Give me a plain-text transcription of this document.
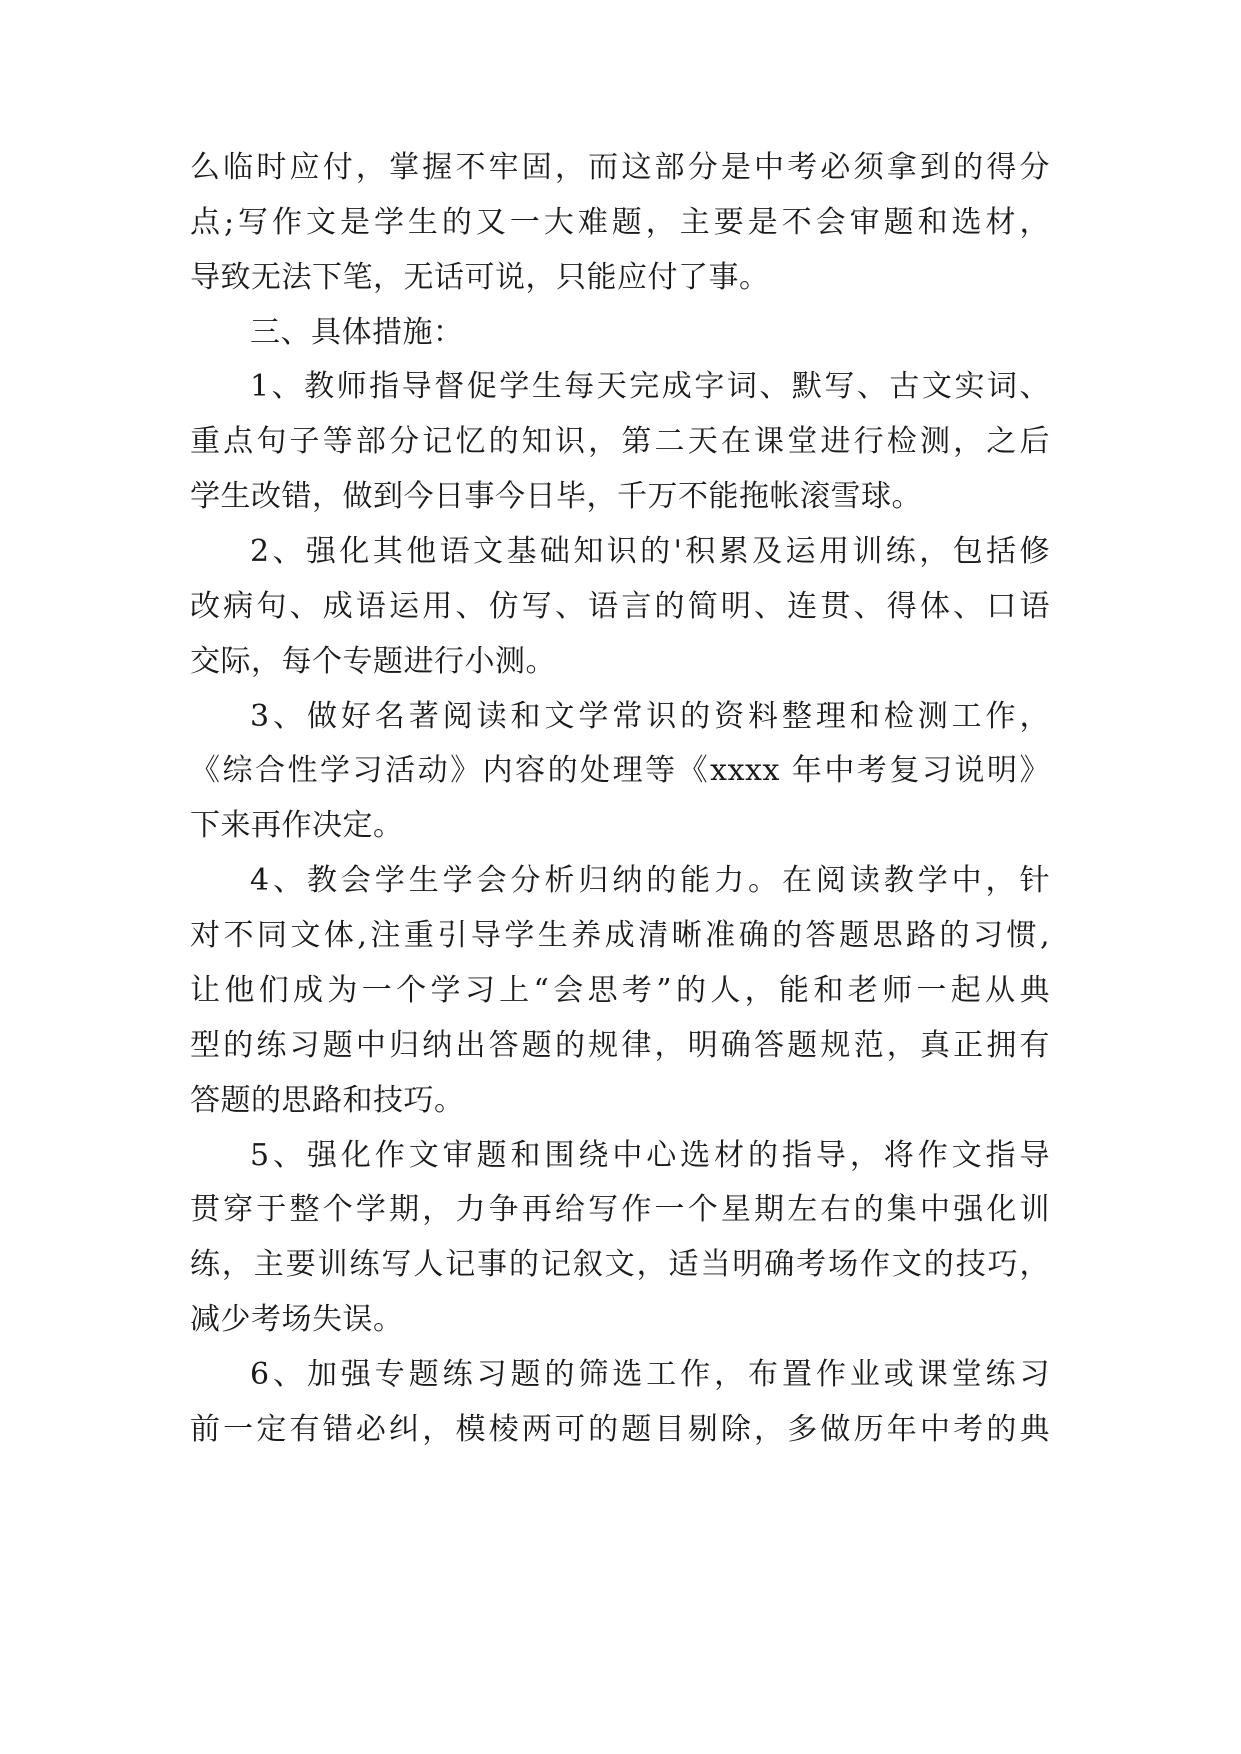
么临时应付，掌握不牢固，而这部分是中考必须拿到的得分

点;写作文是学生的又一大难题，主要是不会审题和选材，

导致无法下笔，无话可说，只能应付了事。

三、具体措施：

1、教师指导督促学生每天完成字词、默写、古文实词、

重点句子等部分记忆的知识，第二天在课堂进行检测，之后

学生改错，做到今日事今日毕，千万不能拖帐滚雪球。

2、强化其他语文基础知识的'积累及运用训练，包括修

改病句、成语运用、仿写、语言的简明、连贯、得体、口语

交际，每个专题进行小测。

3、做好名著阅读和文学常识的资料整理和检测工作，

《综合性学习活动》内容的处理等《xxxx 年中考复习说明》

下来再作决定。

4、教会学生学会分析归纳的能力。在阅读教学中，针

对不同文体,注重引导学生养成清晰准确的答题思路的习惯,

让他们成为一个学习上“会思考”的人，能和老师一起从典

型的练习题中归纳出答题的规律，明确答题规范，真正拥有

答题的思路和技巧。

5、强化作文审题和围绕中心选材的指导，将作文指导

贯穿于整个学期，力争再给写作一个星期左右的集中强化训

练，主要训练写人记事的记叙文，适当明确考场作文的技巧，

减少考场失误。

6、加强专题练习题的筛选工作，布置作业或课堂练习

前一定有错必纠，模棱两可的题目剔除，多做历年中考的典
